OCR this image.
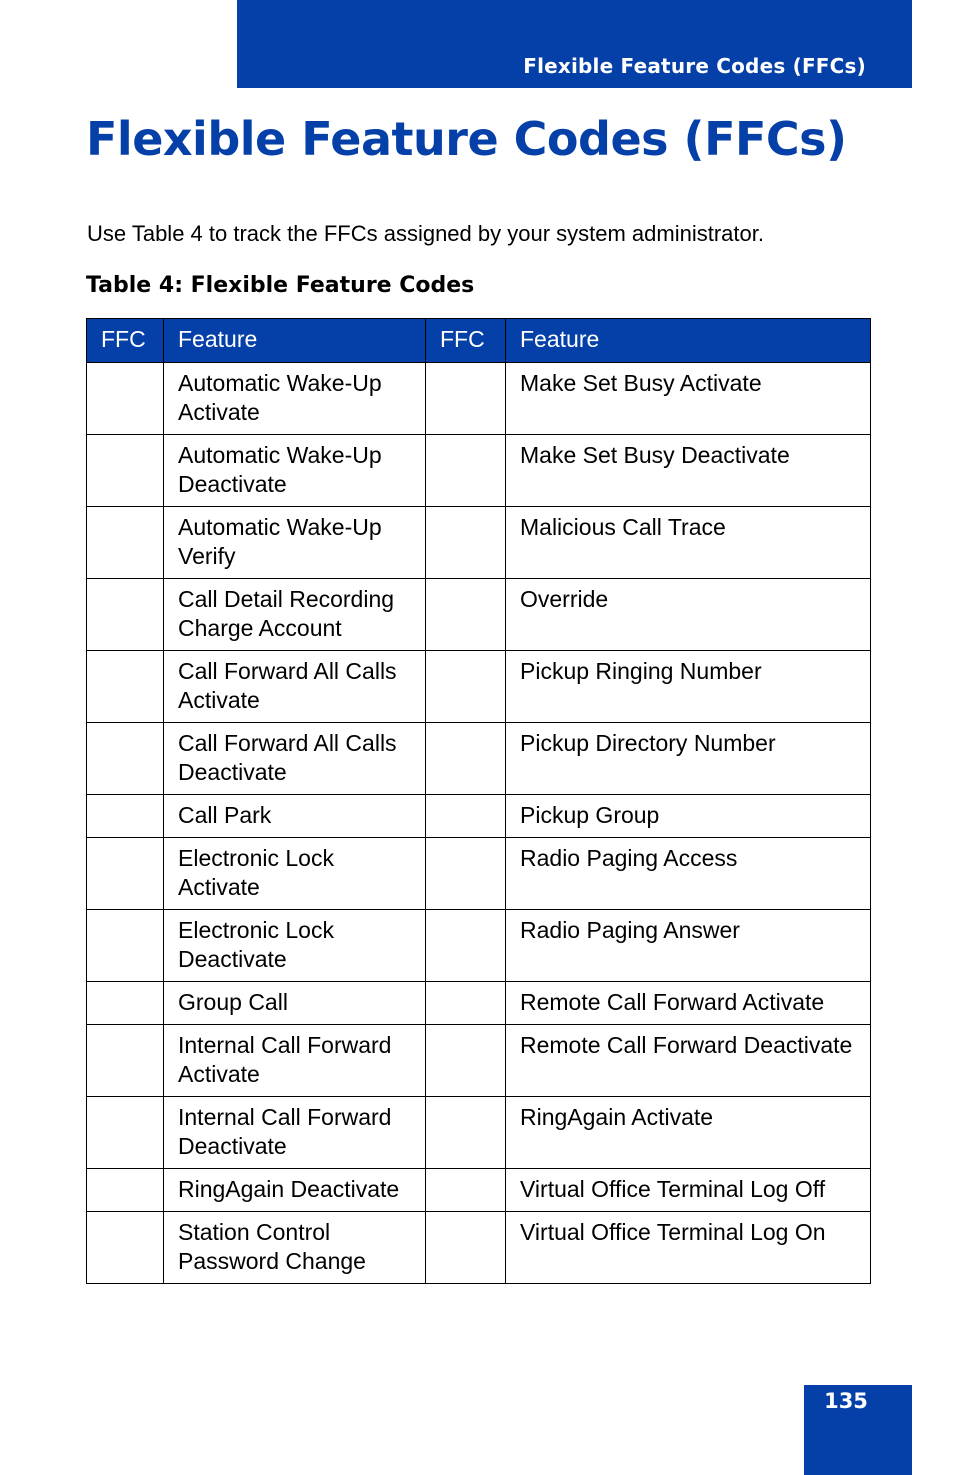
Flexible Feature Codes (FFCs)
Flexible Feature Codes (FFCs)

Use Table 4 to track the FFCs assigned by your system administrator.

Table 4: Flexible Feature Codes

FFC	Feature	FFC	Feature
	Automatic Wake-Up Activate		Make Set Busy Activate
	Automatic Wake-Up Deactivate		Make Set Busy Deactivate
	Automatic Wake-Up Verify		Malicious Call Trace
	Call Detail Recording Charge Account		Override
	Call Forward All Calls Activate		Pickup Ringing Number
	Call Forward All Calls Deactivate		Pickup Directory Number
	Call Park		Pickup Group
	Electronic Lock Activate		Radio Paging Access
	Electronic Lock Deactivate		Radio Paging Answer
	Group Call		Remote Call Forward Activate
	Internal Call Forward Activate		Remote Call Forward Deactivate
	Internal Call Forward Deactivate		RingAgain Activate
	RingAgain Deactivate		Virtual Office Terminal Log Off
	Station Control Password Change		Virtual Office Terminal Log On
135
